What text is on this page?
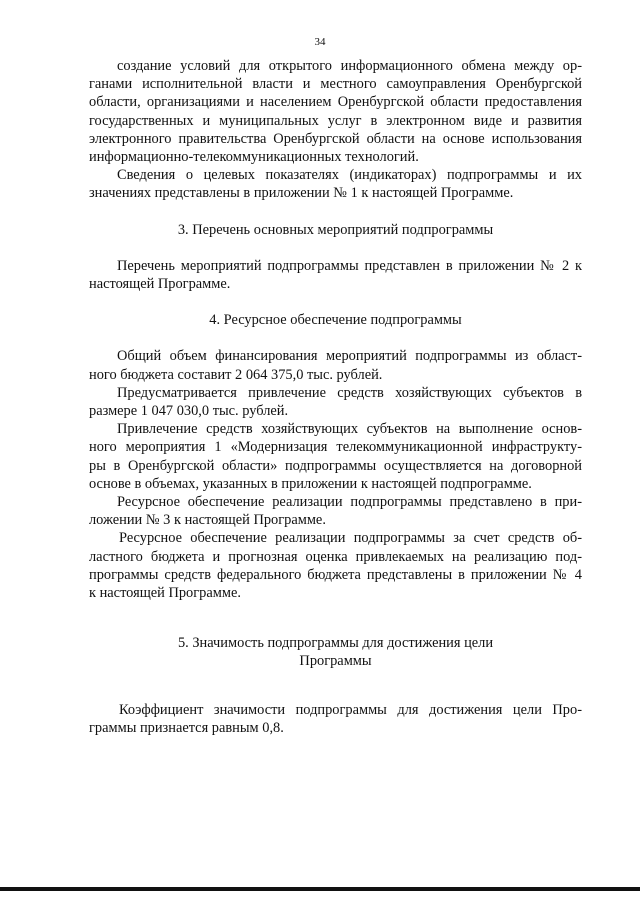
34
создание условий для открытого информационного обмена между ор-
ганами исполнительной власти и местного самоуправления Оренбургской
области, организациями и населением Оренбургской области предоставления
государственных и муниципальных услуг в электронном виде и развития
электронного правительства Оренбургской области на основе использования
информационно-телекоммуникационных технологий.
Сведения о целевых показателях (индикаторах) подпрограммы и их
значениях представлены в приложении № 1 к настоящей Программе.
3. Перечень основных мероприятий подпрограммы
Перечень мероприятий подпрограммы представлен в приложении № 2 к
настоящей Программе.
4. Ресурсное обеспечение подпрограммы
Общий объем финансирования мероприятий подпрограммы из област-
ного бюджета составит 2 064 375,0 тыс. рублей.
Предусматривается привлечение средств хозяйствующих субъектов в
размере 1 047 030,0 тыс. рублей.
Привлечение средств хозяйствующих субъектов на выполнение основ-
ного мероприятия 1 «Модернизация телекоммуникационной инфраструкту-
ры в Оренбургской области» подпрограммы осуществляется на договорной
основе в объемах, указанных в приложении к настоящей подпрограмме.
Ресурсное обеспечение реализации подпрограммы представлено в при-
ложении № 3 к настоящей Программе.
Ресурсное обеспечение реализации подпрограммы за счет средств об-
ластного бюджета и прогнозная оценка привлекаемых на реализацию под-
программы средств федерального бюджета представлены в приложении № 4
к настоящей Программе.
5. Значимость подпрограммы для достижения цели
Программы
Коэффициент значимости подпрограммы для достижения цели Про-
граммы признается равным 0,8.
